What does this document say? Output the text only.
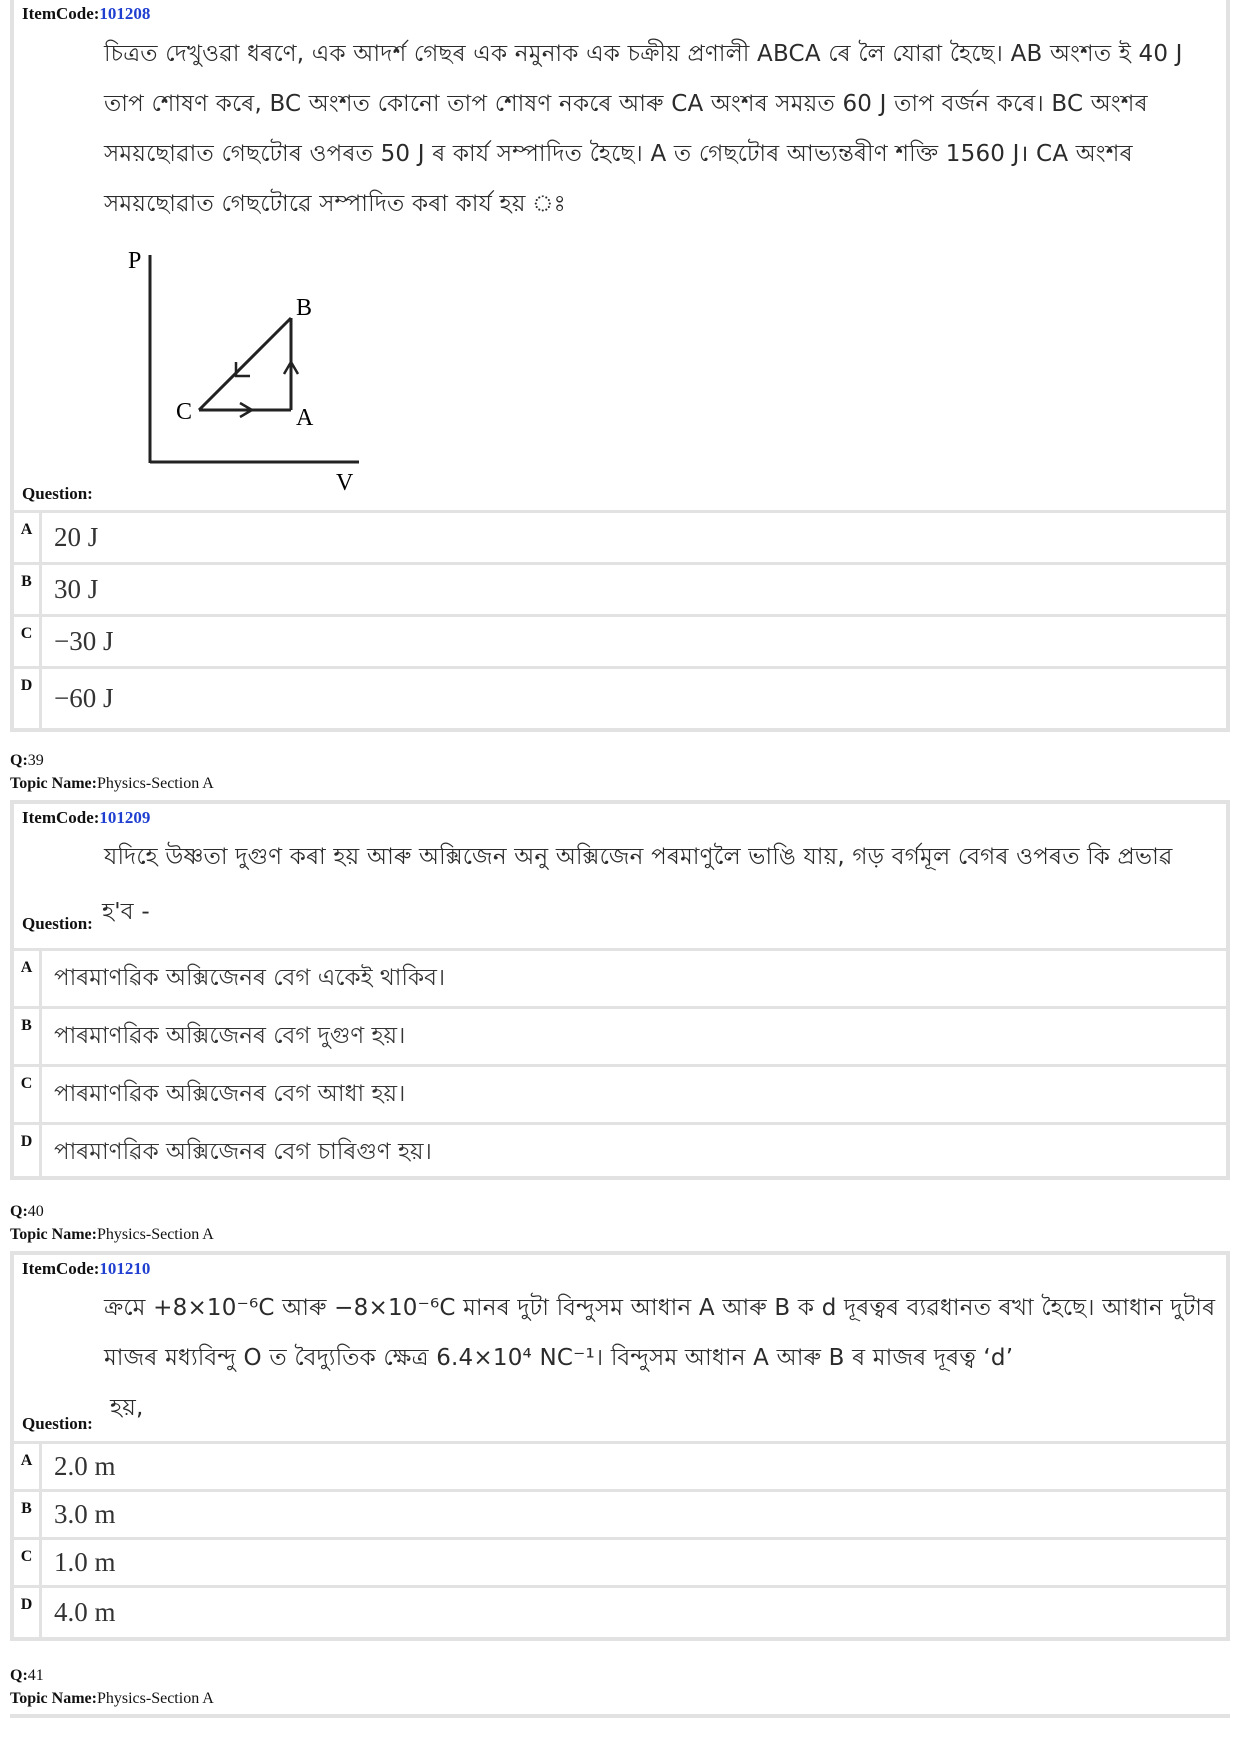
ItemCode:101208
চিত্রত দেখুওৱা ধৰণে, এক আদৰ্শ গেছৰ এক নমুনাক এক চক্ৰীয় প্ৰণালী ABCA ৰে লৈ যোৱা হৈছে। AB অংশত ই 40 J তাপ শোষণ কৰে, BC অংশত কোনো তাপ শোষণ নকৰে আৰু CA অংশৰ সময়ত 60 J তাপ বৰ্জন কৰে। BC অংশৰ সময়ছোৱাত গেছটোৰ ওপৰত 50 J ৰ কাৰ্য সম্পাদিত হৈছে। A ত গেছটোৰ আভ্যন্তৰীণ শক্তি 1560 J। CA অংশৰ সময়ছোৱাত গেছটোৱে সম্পাদিত কৰা কাৰ্য হয় ঃ
P
V
B
A
C
Question:
A 20 J
B 30 J
C −30 J
D −60 J
Q:39
Topic Name:Physics-Section A
ItemCode:101209
যদিহে উষ্ণতা দুগুণ কৰা হয় আৰু অক্সিজেন অনু অক্সিজেন পৰমাণুলৈ ভাঙি যায়, গড় বৰ্গমূল বেগৰ ওপৰত কি প্ৰভাৱ
Question: হ'ব -
A পাৰমাণৱিক অক্সিজেনৰ বেগ একেই থাকিব।
B পাৰমাণৱিক অক্সিজেনৰ বেগ দুগুণ হয়।
C পাৰমাণৱিক অক্সিজেনৰ বেগ আধা হয়।
D পাৰমাণৱিক অক্সিজেনৰ বেগ চাৰিগুণ হয়।
Q:40
Topic Name:Physics-Section A
ItemCode:101210
ক্ৰমে +8×10⁻⁶C আৰু −8×10⁻⁶C মানৰ দুটা বিন্দুসম আধান A আৰু B ক d দূৰত্বৰ ব্যৱধানত ৰখা হৈছে। আধান দুটাৰ মাজৰ মধ্যবিন্দু O ত বৈদ্যুতিক ক্ষেত্ৰ 6.4×10⁴ NC⁻¹। বিন্দুসম আধান A আৰু B ৰ মাজৰ দূৰত্ব ‘d’
Question:
হয়,
A 2.0 m
B 3.0 m
C 1.0 m
D 4.0 m
Q:41
Topic Name:Physics-Section A
